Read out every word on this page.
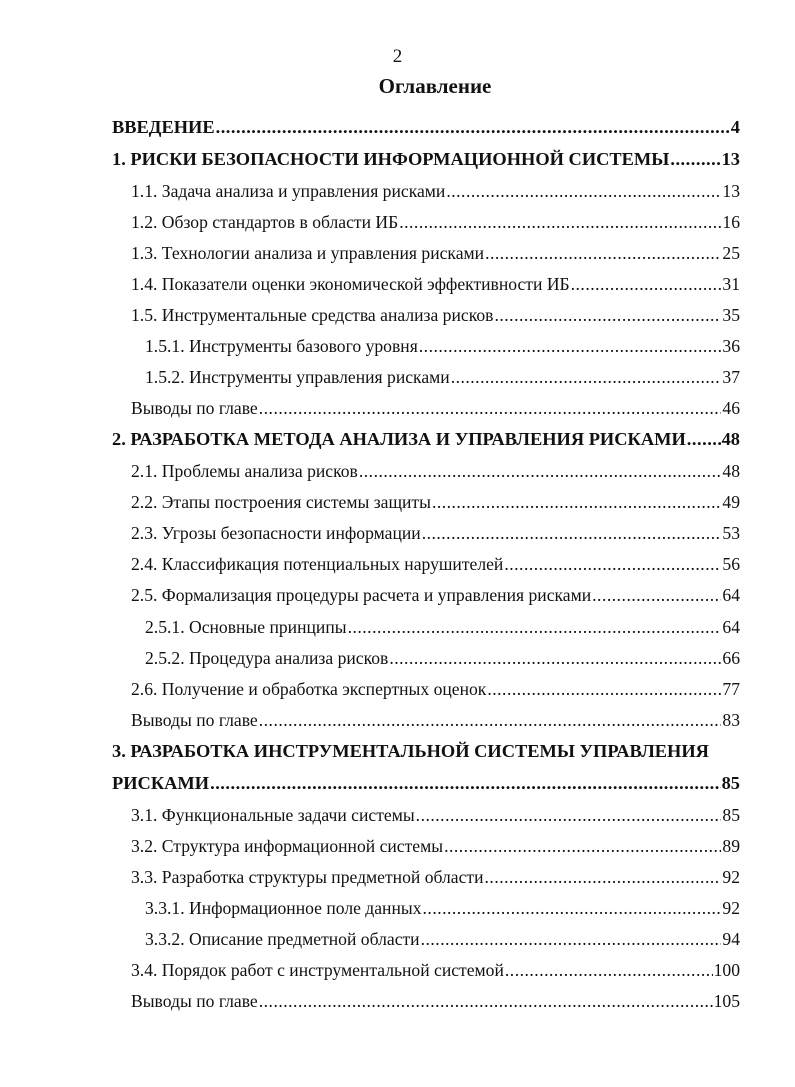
2
Оглавление
ВВЕДЕНИЕ .....	4
1. РИСКИ БЕЗОПАСНОСТИ ИНФОРМАЦИОННОЙ СИСТЕМЫ .....	13
1.1. Задача анализа и управления рисками .....	13
1.2. Обзор стандартов в области ИБ .....	16
1.3. Технологии анализа и управления рисками .....	25
1.4. Показатели оценки экономической эффективности ИБ .....	31
1.5. Инструментальные средства анализа рисков .....	35
1.5.1. Инструменты базового уровня .....	36
1.5.2. Инструменты управления рисками .....	37
Выводы по главе .....	46
2. РАЗРАБОТКА МЕТОДА АНАЛИЗА И УПРАВЛЕНИЯ РИСКАМИ ..... 48
2.1. Проблемы анализа рисков .....	48
2.2. Этапы построения системы защиты .....	49
2.3. Угрозы безопасности информации .....	53
2.4. Классификация потенциальных нарушителей .....	56
2.5. Формализация процедуры расчета и управления рисками .....	64
2.5.1. Основные принципы .....	64
2.5.2. Процедура анализа рисков .....	66
2.6. Получение и обработка экспертных оценок .....	77
Выводы по главе .....	83
3. РАЗРАБОТКА ИНСТРУМЕНТАЛЬНОЙ СИСТЕМЫ УПРАВЛЕНИЯ
РИСКАМИ .....	85
3.1. Функциональные задачи системы .....	85
3.2. Структура информационной системы .....	89
3.3. Разработка структуры предметной области .....	92
3.3.1. Информационное поле данных .....	92
3.3.2. Описание предметной области .....	94
3.4. Порядок работ с инструментальной системой .....	100
Выводы по главе .....	105
